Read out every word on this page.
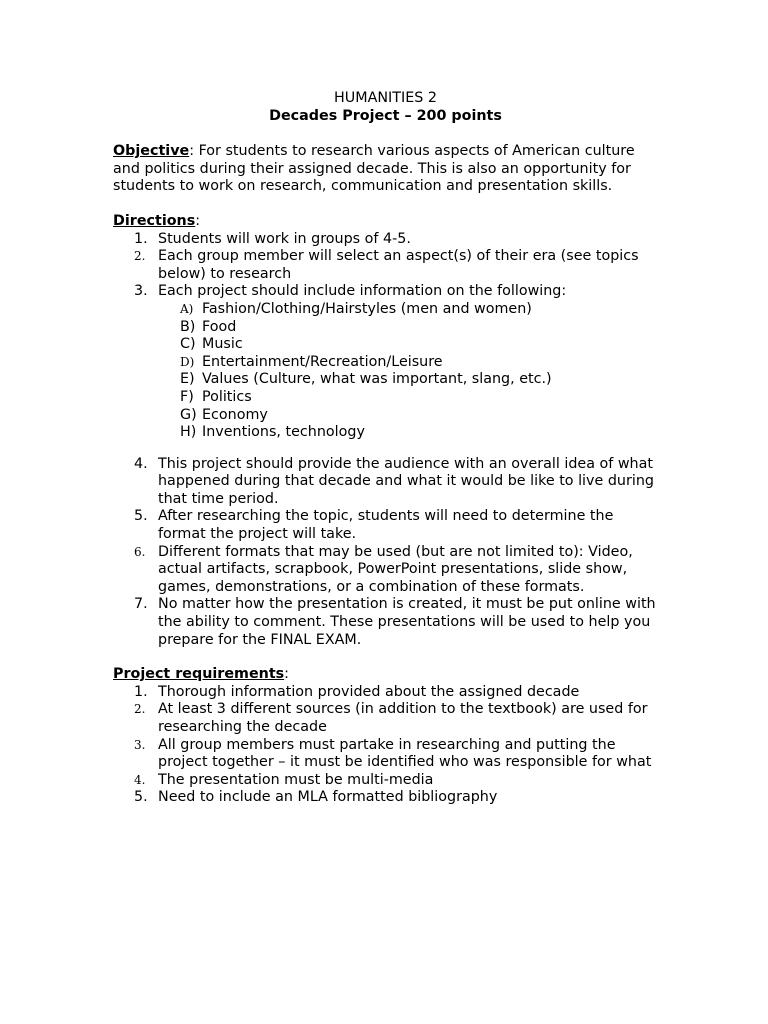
HUMANITIES 2

Decades Project – 200 points

Objective: For students to research various aspects of American culture and politics during their assigned decade. This is also an opportunity for students to work on research, communication and presentation skills.

Directions:

1. Students will work in groups of 4-5.
2. Each group member will select an aspect(s) of their era (see topics below) to research
3. Each project should include information on the following:
A) Fashion/Clothing/Hairstyles (men and women)
B) Food
C) Music
D) Entertainment/Recreation/Leisure
E) Values (Culture, what was important, slang, etc.)
F) Politics
G) Economy
H) Inventions, technology
4. This project should provide the audience with an overall idea of what happened during that decade and what it would be like to live during that time period.
5. After researching the topic, students will need to determine the format the project will take.
6. Different formats that may be used (but are not limited to): Video, actual artifacts, scrapbook, PowerPoint presentations, slide show, games, demonstrations, or a combination of these formats.
7. No matter how the presentation is created, it must be put online with the ability to comment. These presentations will be used to help you prepare for the FINAL EXAM.

Project requirements:

1. Thorough information provided about the assigned decade
2. At least 3 different sources (in addition to the textbook) are used for researching the decade
3. All group members must partake in researching and putting the project together – it must be identified who was responsible for what
4. The presentation must be multi-media
5. Need to include an MLA formatted bibliography
